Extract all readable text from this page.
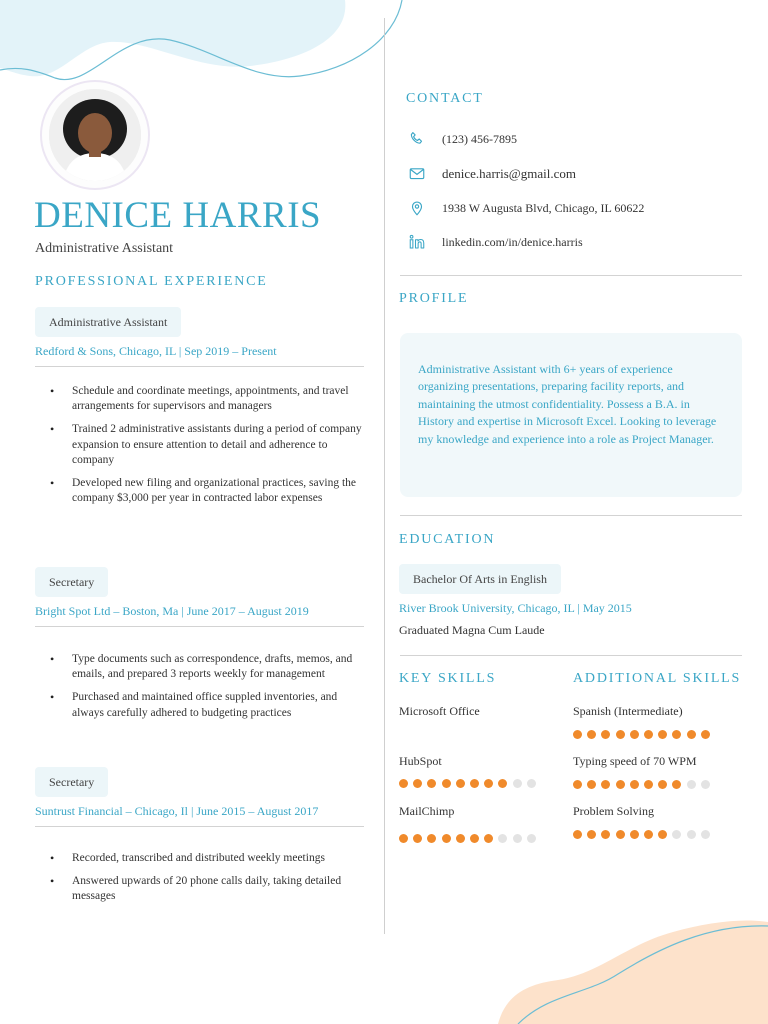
DENICE HARRIS
Administrative Assistant
PROFESSIONAL EXPERIENCE
Administrative Assistant
Redford & Sons, Chicago, IL | Sep 2019 – Present
• Schedule and coordinate meetings, appointments, and travel arrangements for supervisors and managers
• Trained 2 administrative assistants during a period of company expansion to ensure attention to detail and adherence to company
• Developed new filing and organizational practices, saving the company $3,000 per year in contracted labor expenses
Secretary
Bright Spot Ltd – Boston, Ma | June 2017 – August 2019
• Type documents such as correspondence, drafts, memos, and emails, and prepared 3 reports weekly for management
• Purchased and maintained office suppled inventories, and always carefully adhered to budgeting practices
Secretary
Suntrust Financial – Chicago, Il | June 2015 – August 2017
• Recorded, transcribed and distributed weekly meetings
• Answered upwards of 20 phone calls daily, taking detailed messages
CONTACT
(123) 456-7895
denice.harris@gmail.com
1938 W Augusta Blvd, Chicago, IL 60622
linkedin.com/in/denice.harris
PROFILE
Administrative Assistant with 6+ years of experience organizing presentations, preparing facility reports, and maintaining the utmost confidentiality. Possess a B.A. in History and expertise in Microsoft Excel. Looking to leverage my knowledge and experience into a role as Project Manager.
EDUCATION
Bachelor Of Arts in English
River Brook University, Chicago, IL | May 2015
Graduated Magna Cum Laude
KEY SKILLS	ADDITIONAL SKILLS
Microsoft Office
HubSpot
MailChimp
Spanish (Intermediate)
Typing speed of 70 WPM
Problem Solving
